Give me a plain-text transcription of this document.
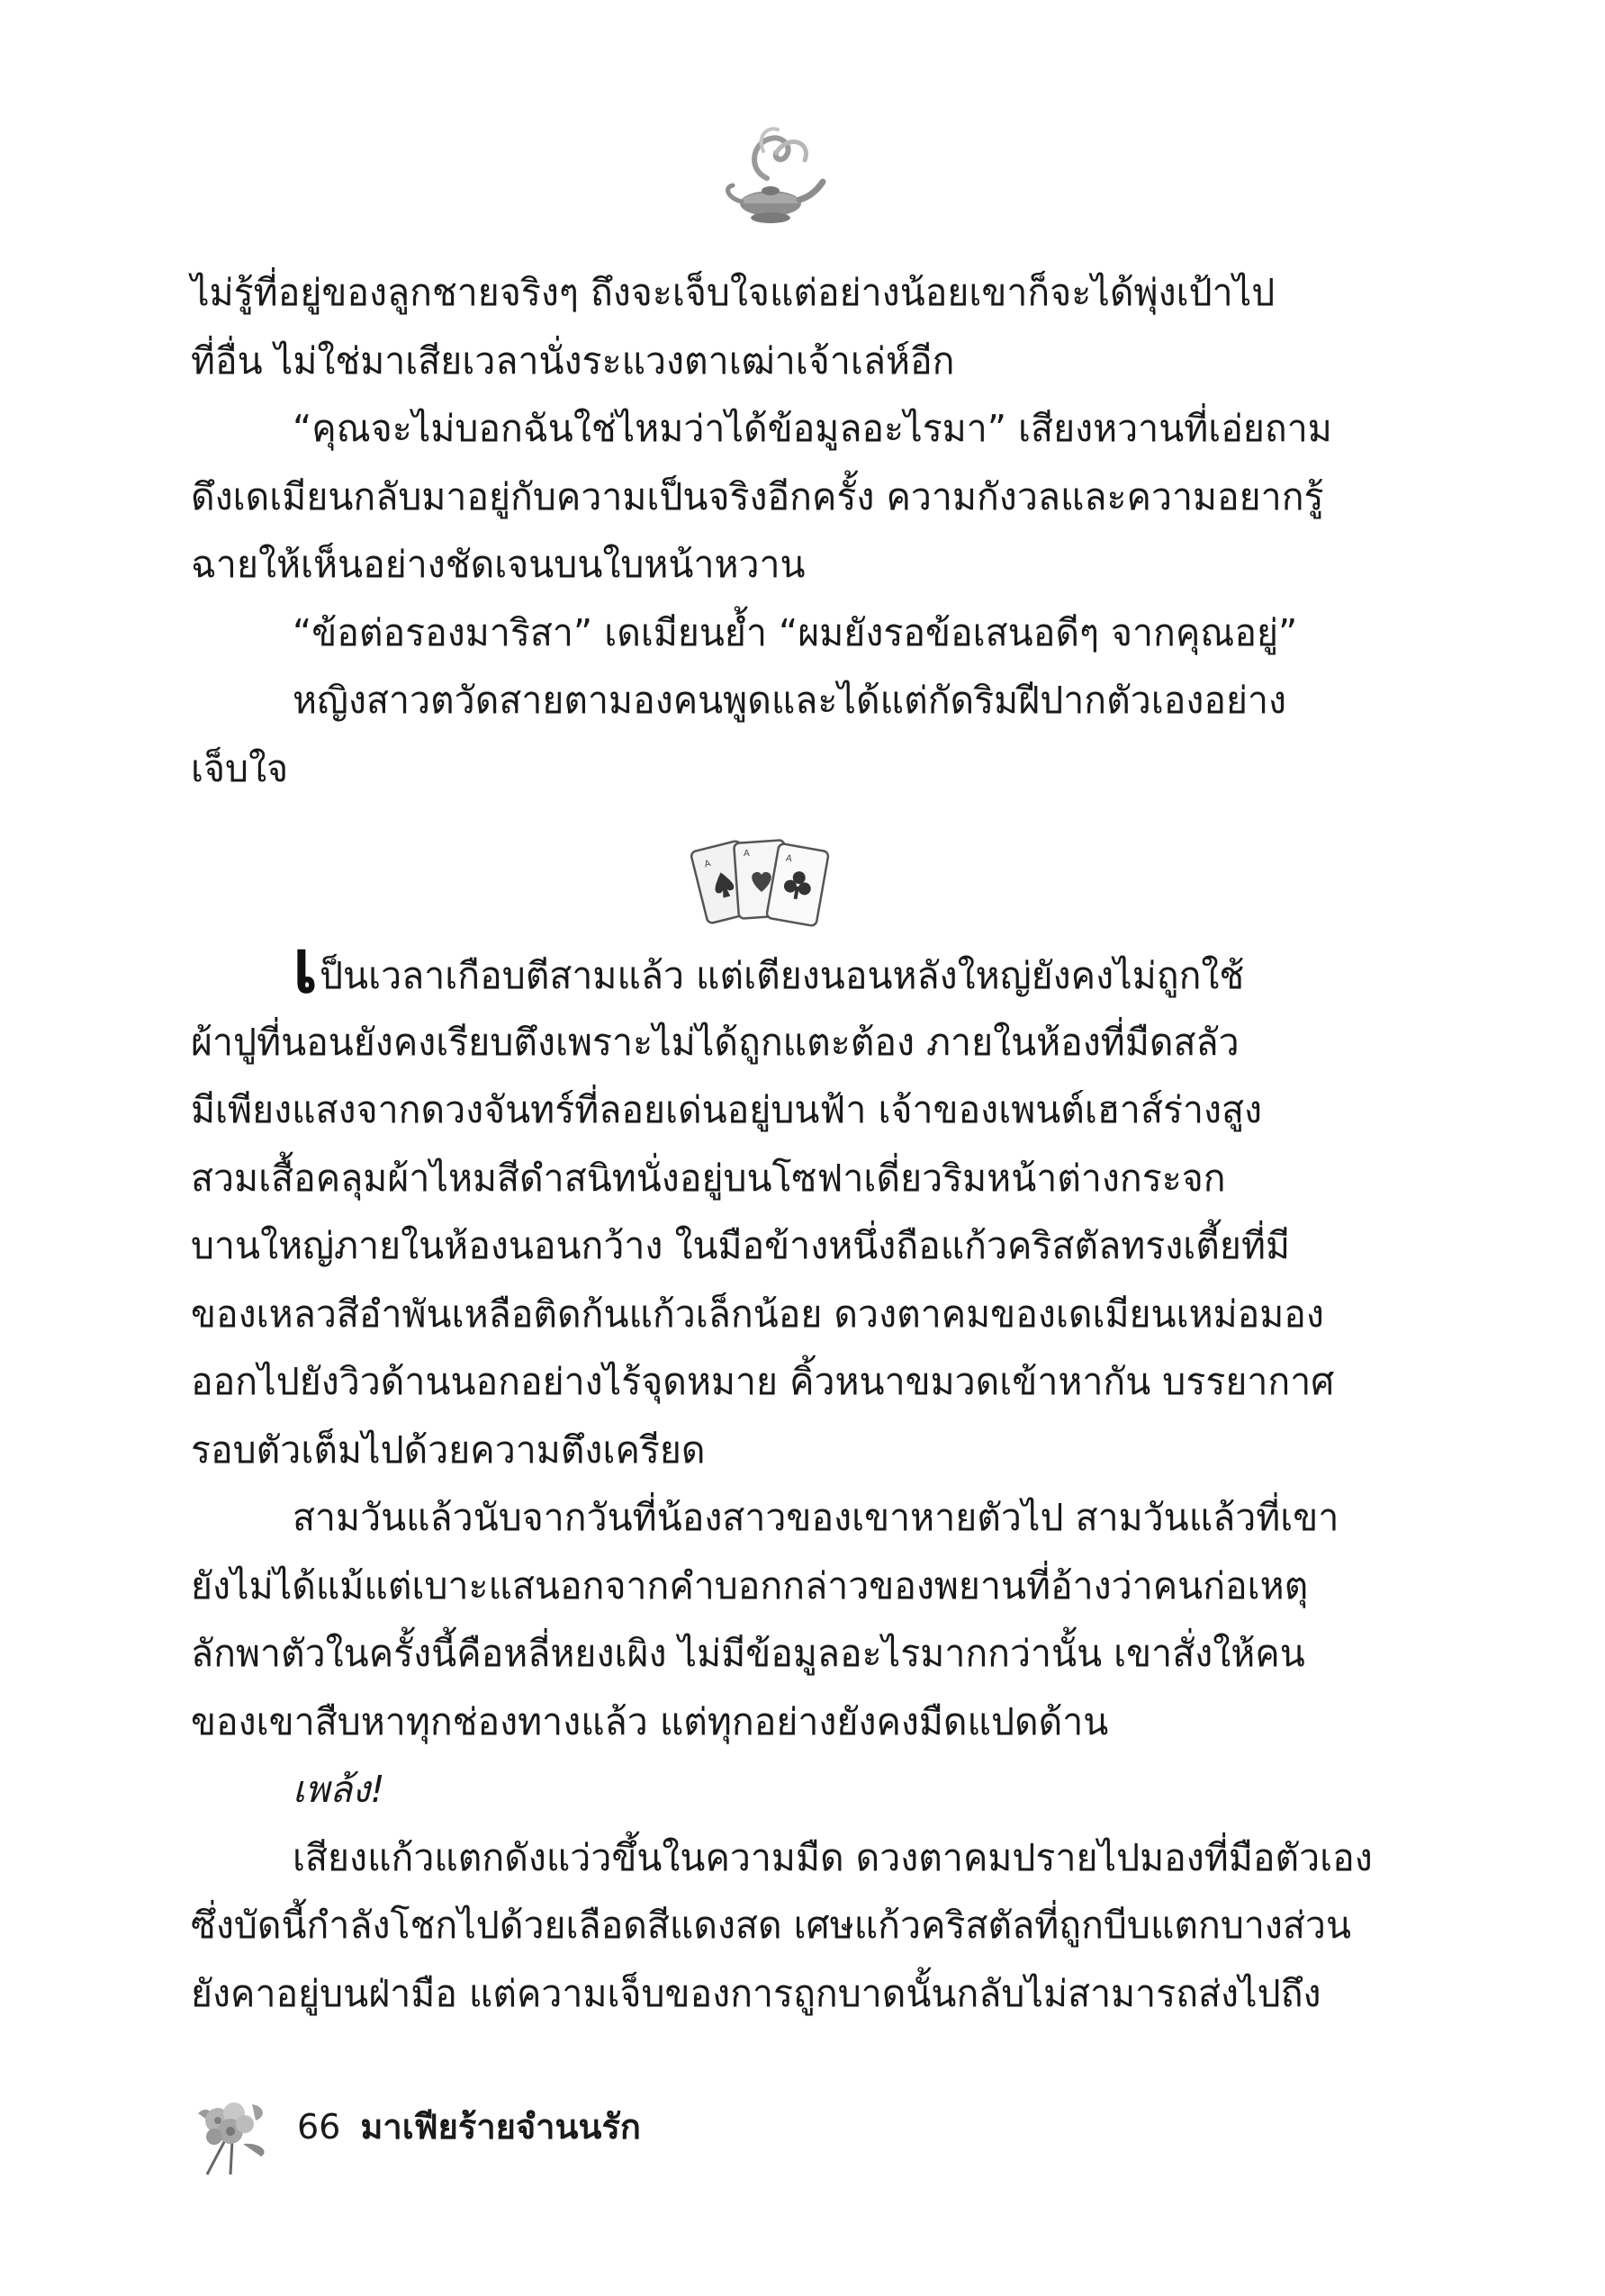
ไม่รู้ที่อยู่ของลูกชายจริงๆ ถึงจะเจ็บใจแต่อย่างน้อยเขาก็จะได้พุ่งเป้าไป
ที่อื่น ไม่ใช่มาเสียเวลานั่งระแวงตาเฒ่าเจ้าเล่ห์อีก
“คุณจะไม่บอกฉันใช่ไหมว่าได้ข้อมูลอะไรมา” เสียงหวานที่เอ่ยถาม
ดึงเดเมียนกลับมาอยู่กับความเป็นจริงอีกครั้ง ความกังวลและความอยากรู้
ฉายให้เห็นอย่างชัดเจนบนใบหน้าหวาน
“ข้อต่อรองมาริสา” เดเมียนย้ำ “ผมยังรอข้อเสนอดีๆ จากคุณอยู่”
หญิงสาวตวัดสายตามองคนพูดและได้แต่กัดริมฝีปากตัวเองอย่าง
เจ็บใจ
A
A	A
เป็นเวลาเกือบตีสามแล้ว แต่เตียงนอนหลังใหญ่ยังคงไม่ถูกใช้
ผ้าปูที่นอนยังคงเรียบตึงเพราะไม่ได้ถูกแตะต้อง ภายในห้องที่มืดสลัว
มีเพียงแสงจากดวงจันทร์ที่ลอยเด่นอยู่บนฟ้า เจ้าของเพนต์เฮาส์ร่างสูง
สวมเสื้อคลุมผ้าไหมสีดำสนิทนั่งอยู่บนโซฟาเดี่ยวริมหน้าต่างกระจก
บานใหญ่ภายในห้องนอนกว้าง ในมือข้างหนึ่งถือแก้วคริสตัลทรงเตี้ยที่มี
ของเหลวสีอำพันเหลือติดก้นแก้วเล็กน้อย ดวงตาคมของเดเมียนเหม่อมอง
ออกไปยังวิวด้านนอกอย่างไร้จุดหมาย คิ้วหนาขมวดเข้าหากัน บรรยากาศ
รอบตัวเต็มไปด้วยความตึงเครียด
สามวันแล้วนับจากวันที่น้องสาวของเขาหายตัวไป สามวันแล้วที่เขา
ยังไม่ได้แม้แต่เบาะแสนอกจากคำบอกกล่าวของพยานที่อ้างว่าคนก่อเหตุ
ลักพาตัวในครั้งนี้คือหลี่หยงเผิง ไม่มีข้อมูลอะไรมากกว่านั้น เขาสั่งให้คน
ของเขาสืบหาทุกช่องทางแล้ว แต่ทุกอย่างยังคงมืดแปดด้าน
เพล้ง!
เสียงแก้วแตกดังแว่วขึ้นในความมืด ดวงตาคมปรายไปมองที่มือตัวเอง
ซึ่งบัดนี้กำลังโชกไปด้วยเลือดสีแดงสด เศษแก้วคริสตัลที่ถูกบีบแตกบางส่วน
ยังคาอยู่บนฝ่ามือ แต่ความเจ็บของการถูกบาดนั้นกลับไม่สามารถส่งไปถึง
66 มาเฟียร้ายจำนนรัก
